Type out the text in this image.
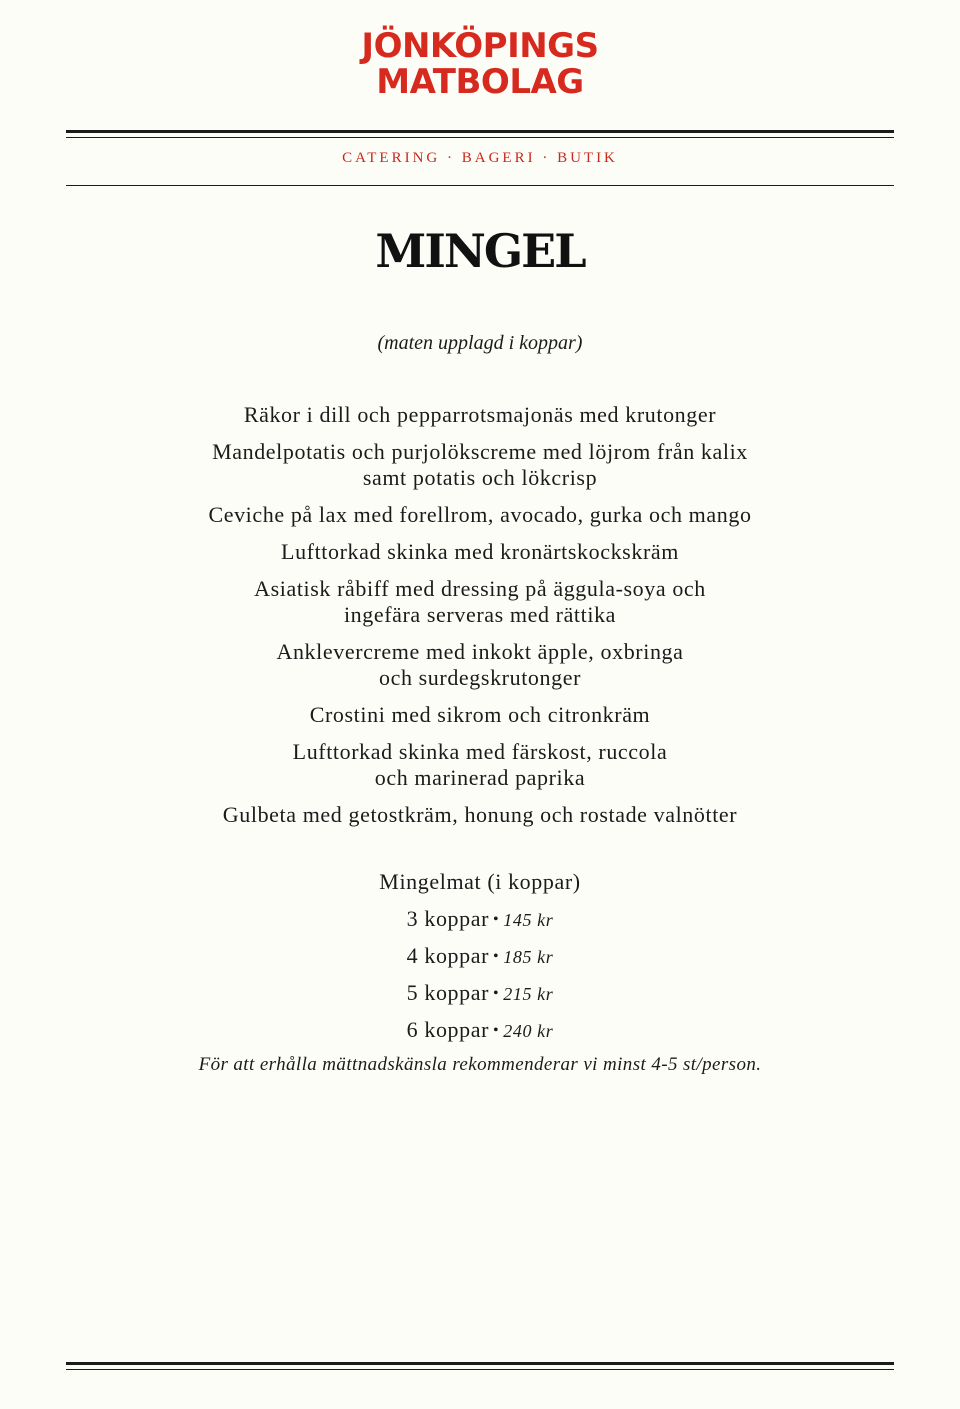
JÖNKÖPINGS
MATBOLAG
CATERING · BAGERI · BUTIK
MINGEL
(maten upplagd i koppar)
Räkor i dill och pepparrotsmajonäs med krutonger
Mandelpotatis och purjolökscreme med löjrom från kalix
samt potatis och lökcrisp
Ceviche på lax med forellrom, avocado, gurka och mango
Lufttorkad skinka med kronärtskockskräm
Asiatisk råbiff med dressing på äggula-soya och
ingefära serveras med rättika
Anklevercreme med inkokt äpple, oxbringa
och surdegskrutonger
Crostini med sikrom och citronkräm
Lufttorkad skinka med färskost, ruccola
och marinerad paprika
Gulbeta med getostkräm, honung och rostade valnötter
Mingelmat (i koppar)
3 koppar • 145 kr
4 koppar • 185 kr
5 koppar • 215 kr
6 koppar • 240 kr
För att erhålla mättnadskänsla rekommenderar vi minst 4-5 st/person.
